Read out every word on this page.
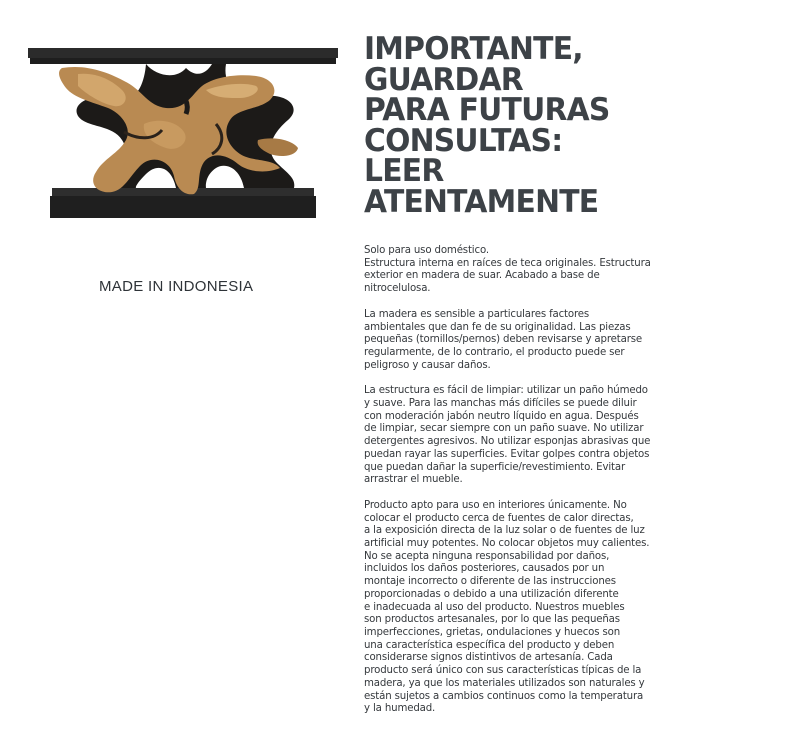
MADE IN INDONESIA

IMPORTANTE,
GUARDAR
PARA FUTURAS
CONSULTAS:
LEER
ATENTAMENTE

Solo para uso doméstico.
Estructura interna en raíces de teca originales. Estructura
exterior en madera de suar. Acabado a base de
nitrocelulosa.

La madera es sensible a particulares factores
ambientales que dan fe de su originalidad. Las piezas
pequeñas (tornillos/pernos) deben revisarse y apretarse
regularmente, de lo contrario, el producto puede ser
peligroso y causar daños.

La estructura es fácil de limpiar: utilizar un paño húmedo
y suave. Para las manchas más difíciles se puede diluir
con moderación jabón neutro líquido en agua. Después
de limpiar, secar siempre con un paño suave. No utilizar
detergentes agresivos. No utilizar esponjas abrasivas que
puedan rayar las superficies. Evitar golpes contra objetos
que puedan dañar la superficie/revestimiento. Evitar
arrastrar el mueble.

Producto apto para uso en interiores únicamente. No
colocar el producto cerca de fuentes de calor directas,
a la exposición directa de la luz solar o de fuentes de luz
artificial muy potentes. No colocar objetos muy calientes.
No se acepta ninguna responsabilidad por daños,
incluidos los daños posteriores, causados por un
montaje incorrecto o diferente de las instrucciones
proporcionadas o debido a una utilización diferente
e inadecuada al uso del producto. Nuestros muebles
son productos artesanales, por lo que las pequeñas
imperfecciones, grietas, ondulaciones y huecos son
una característica específica del producto y deben
considerarse signos distintivos de artesanía. Cada
producto será único con sus características típicas de la
madera, ya que los materiales utilizados son naturales y
están sujetos a cambios continuos como la temperatura
y la humedad.
